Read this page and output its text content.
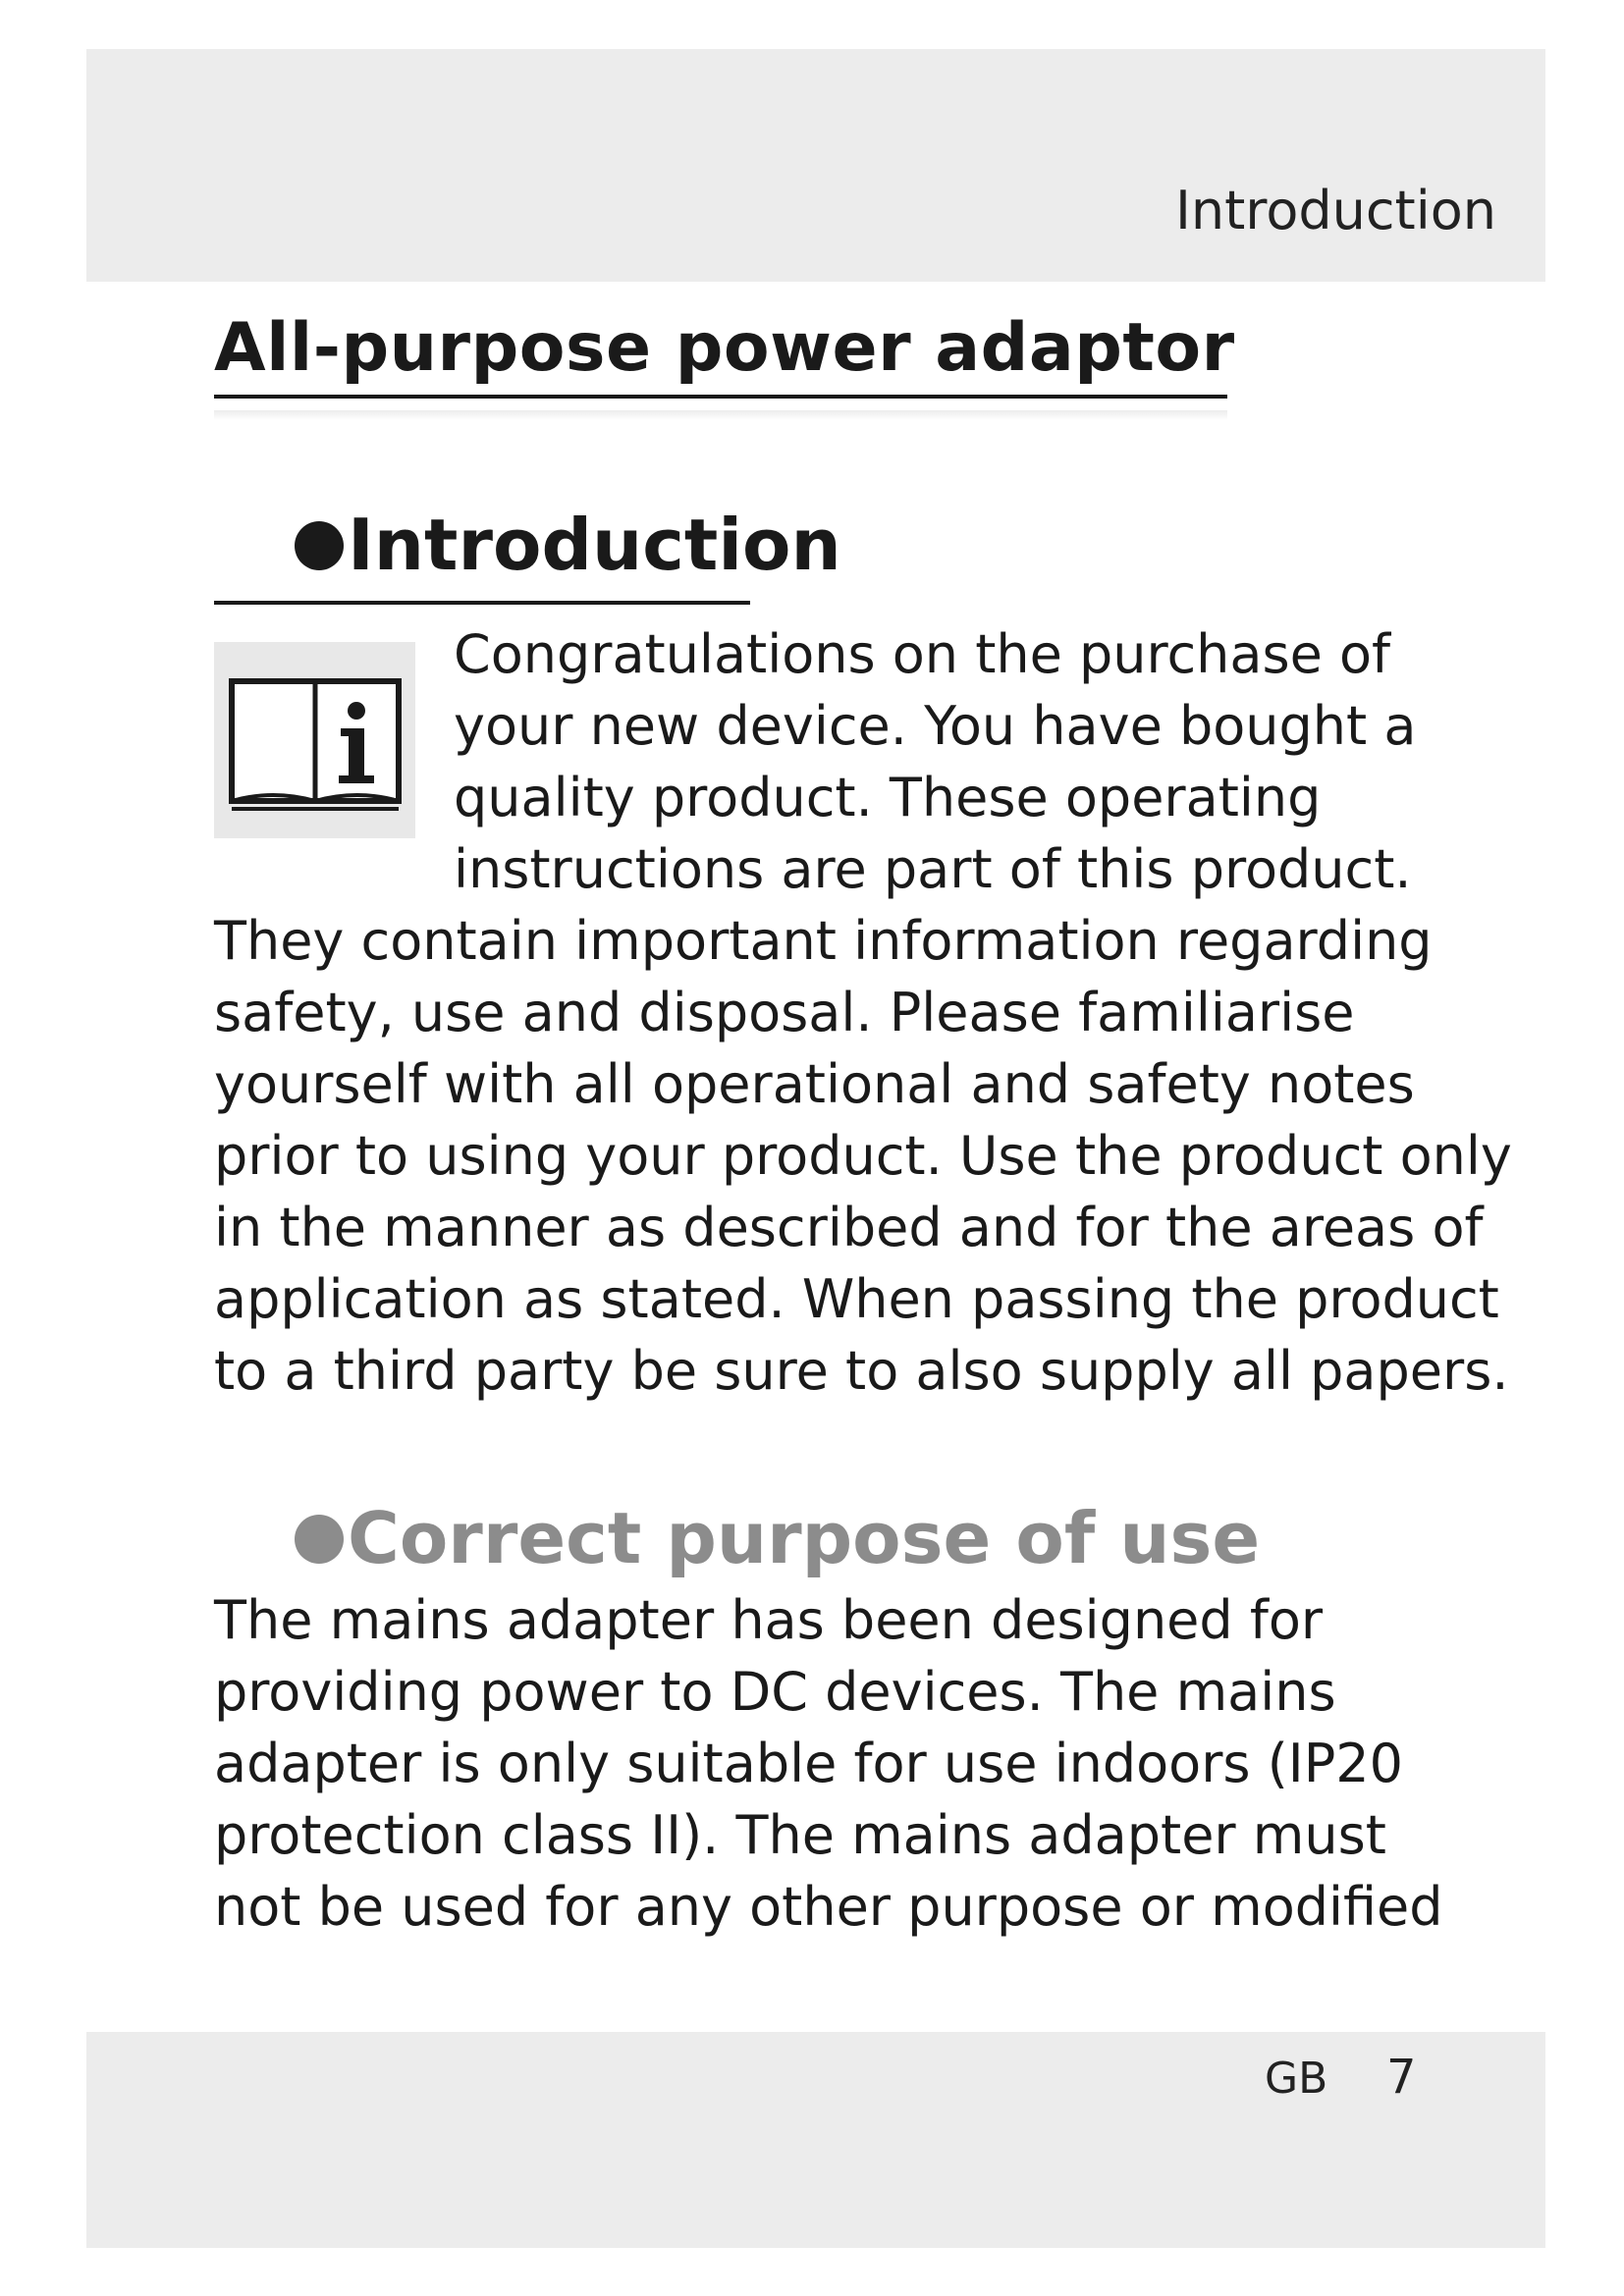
Introduction
All-purpose power adaptor
Introduction
Congratulations on the purchase of
your new device. You have bought a
quality product. These operating
instructions are part of this product.
They contain important information regarding
safety, use and disposal. Please familiarise
yourself with all operational and safety notes
prior to using your product. Use the product only
in the manner as described and for the areas of
application as stated. When passing the product
to a third party be sure to also supply all papers.
Correct purpose of use
The mains adapter has been designed for
providing power to DC devices. The mains
adapter is only suitable for use indoors (IP20
protection class II). The mains adapter must
not be used for any other purpose or modified
GB 7
